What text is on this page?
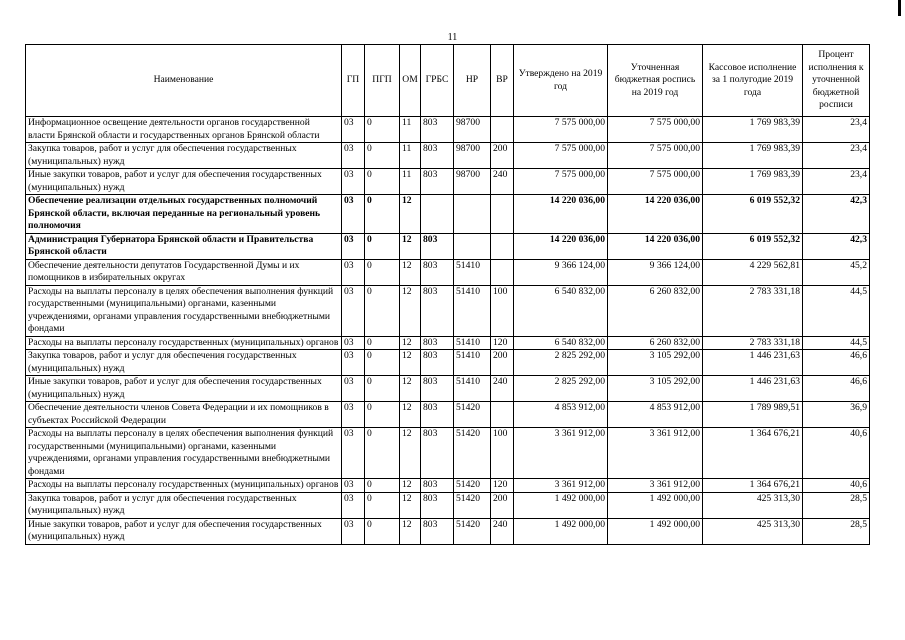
11
Наименование	ГП	ПГП	ОМ	ГРБС	НР	ВР	Утверждено на 2019 год	Уточненная бюджетная роспись на 2019 год	Кассовое исполнение за 1 полугодие 2019 года	Процент исполнения к уточненной бюджетной росписи
Информационное освещение деятельности органов государственной власти Брянской области и государственных органов Брянской области	03	0	11	803	98700		7 575 000,00	7 575 000,00	1 769 983,39	23,4
Закупка товаров, работ и услуг для обеспечения государственных (муниципальных) нужд	03	0	11	803	98700	200	7 575 000,00	7 575 000,00	1 769 983,39	23,4
Иные закупки товаров, работ и услуг для обеспечения государственных (муниципальных) нужд	03	0	11	803	98700	240	7 575 000,00	7 575 000,00	1 769 983,39	23,4
Обеспечение реализации отдельных государственных полномочий Брянской области, включая переданные на региональный уровень полномочия	03	0	12				14 220 036,00	14 220 036,00	6 019 552,32	42,3
Администрация Губернатора Брянской области и Правительства Брянской области	03	0	12	803			14 220 036,00	14 220 036,00	6 019 552,32	42,3
Обеспечение деятельности депутатов Государственной Думы и их помощников в избирательных округах	03	0	12	803	51410		9 366 124,00	9 366 124,00	4 229 562,81	45,2
Расходы на выплаты персоналу в целях обеспечения выполнения функций государственными (муниципальными) органами, казенными учреждениями, органами управления государственными внебюджетными фондами	03	0	12	803	51410	100	6 540 832,00	6 260 832,00	2 783 331,18	44,5
Расходы на выплаты персоналу государственных (муниципальных) органов	03	0	12	803	51410	120	6 540 832,00	6 260 832,00	2 783 331,18	44,5
Закупка товаров, работ и услуг для обеспечения государственных (муниципальных) нужд	03	0	12	803	51410	200	2 825 292,00	3 105 292,00	1 446 231,63	46,6
Иные закупки товаров, работ и услуг для обеспечения государственных (муниципальных) нужд	03	0	12	803	51410	240	2 825 292,00	3 105 292,00	1 446 231,63	46,6
Обеспечение деятельности членов Совета Федерации и их помощников в субъектах Российской Федерации	03	0	12	803	51420		4 853 912,00	4 853 912,00	1 789 989,51	36,9
Расходы на выплаты персоналу в целях обеспечения выполнения функций государственными (муниципальными) органами, казенными учреждениями, органами управления государственными внебюджетными фондами	03	0	12	803	51420	100	3 361 912,00	3 361 912,00	1 364 676,21	40,6
Расходы на выплаты персоналу государственных (муниципальных) органов	03	0	12	803	51420	120	3 361 912,00	3 361 912,00	1 364 676,21	40,6
Закупка товаров, работ и услуг для обеспечения государственных (муниципальных) нужд	03	0	12	803	51420	200	1 492 000,00	1 492 000,00	425 313,30	28,5
Иные закупки товаров, работ и услуг для обеспечения государственных (муниципальных) нужд	03	0	12	803	51420	240	1 492 000,00	1 492 000,00	425 313,30	28,5
